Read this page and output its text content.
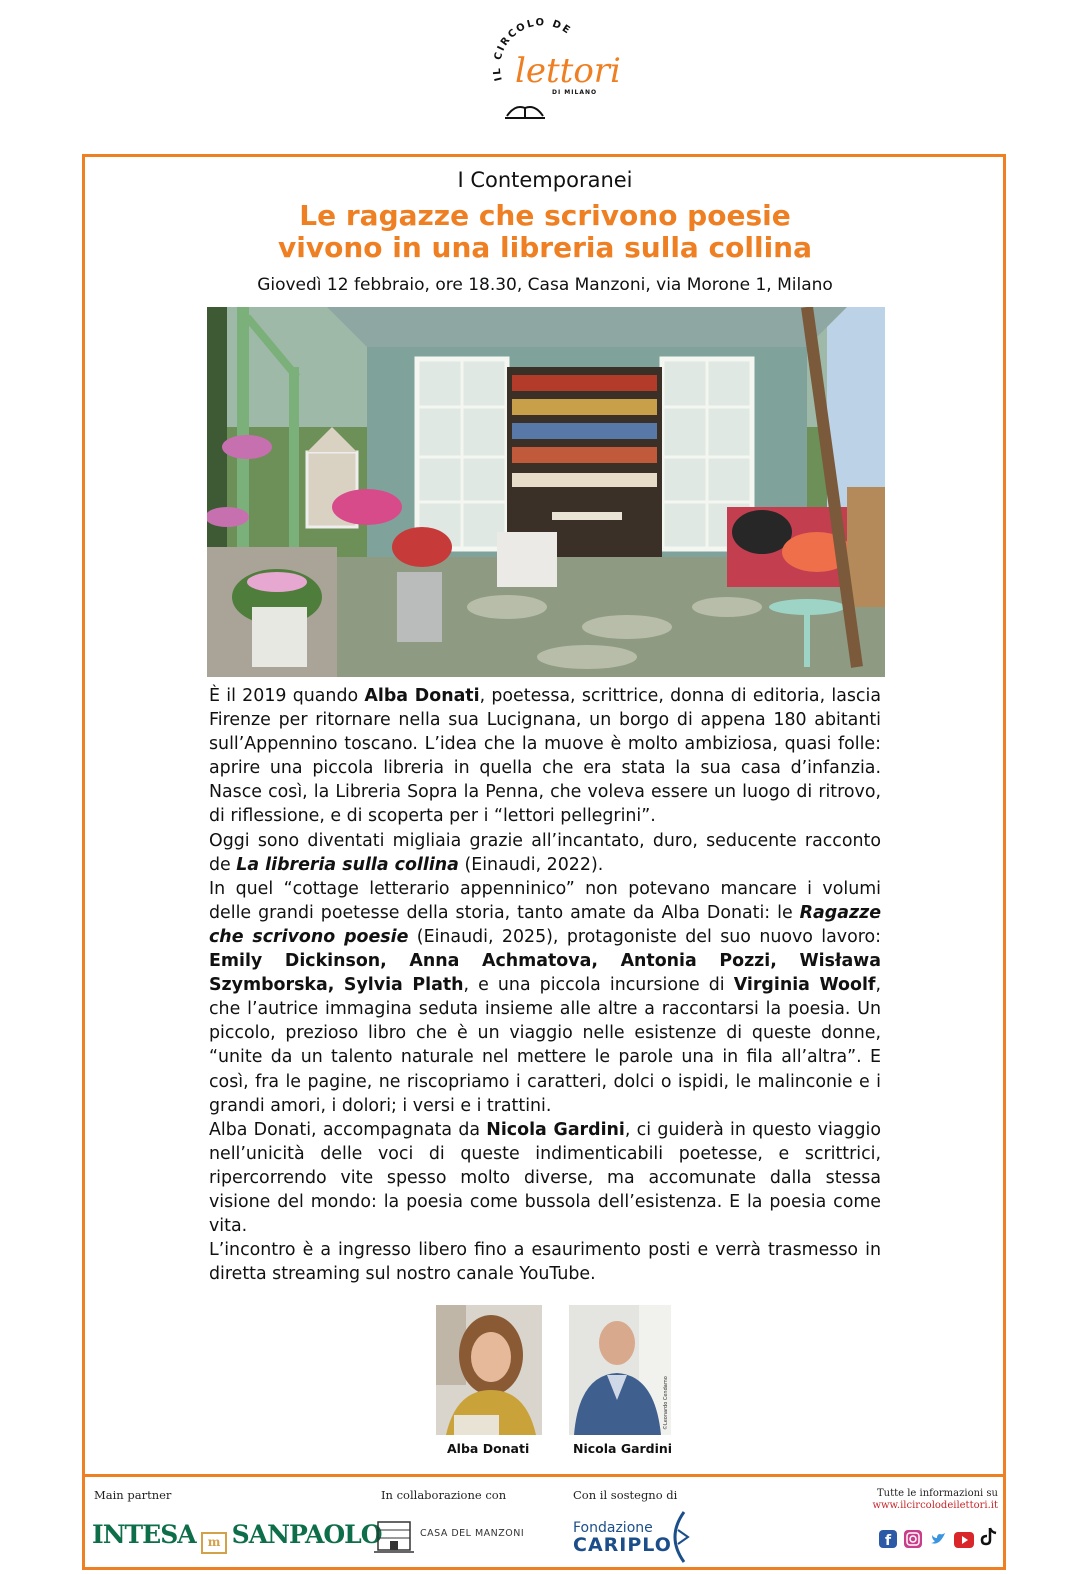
IL CIRCOLO DE
lettori
DI MILANO
I Contemporanei
Le ragazze che scrivono poesie
vivono in una libreria sulla collina
Giovedì 12 febbraio, ore 18.30, Casa Manzoni, via Morone 1, Milano

È il 2019 quando Alba Donati, poetessa, scrittrice, donna di editoria, lascia Firenze per ritornare nella sua Lucignana, un borgo di appena 180 abitanti sull’Appennino toscano. L’idea che la muove è molto ambiziosa, quasi folle: aprire una piccola libreria in quella che era stata la sua casa d’infanzia. Nasce così, la Libreria Sopra la Penna, che voleva essere un luogo di ritrovo, di riflessione, e di scoperta per i “lettori pellegrini”.

Oggi sono diventati migliaia grazie all’incantato, duro, seducente racconto de La libreria sulla collina (Einaudi, 2022).

In quel “cottage letterario appenninico” non potevano mancare i volumi delle grandi poetesse della storia, tanto amate da Alba Donati: le Ragazze che scrivono poesie (Einaudi, 2025), protagoniste del suo nuovo lavoro: Emily Dickinson, Anna Achmatova, Antonia Pozzi, Wisława Szymborska, Sylvia Plath, e una piccola incursione di Virginia Woolf, che l’autrice immagina seduta insieme alle altre a raccontarsi la poesia. Un piccolo, prezioso libro che è un viaggio nelle esistenze di queste donne, “unite da un talento naturale nel mettere le parole una in fila all’altra”. E così, fra le pagine, ne riscopriamo i caratteri, dolci o ispidi, le malinconie e i grandi amori, i dolori; i versi e i trattini.

Alba Donati, accompagnata da Nicola Gardini, ci guiderà in questo viaggio nell’unicità delle voci di queste indimenticabili poetesse, e scrittrici, ripercorrendo vite spesso molto diverse, ma accomunate dalla stessa visione del mondo: la poesia come bussola dell’esistenza. E la poesia come vita.

L’incontro è a ingresso libero fino a esaurimento posti e verrà trasmesso in diretta streaming sul nostro canale YouTube.

©Leonardo Cendamo
Alba Donati	Nicola Gardini
Main partner
INTESA	m SANPAOLO
In collaborazione con
CASA DEL MANZONI
Con il sostegno di
Fondazione
CARIPLO
Tutte le informazioni su
www.ilcircolodeilettori.it
f
